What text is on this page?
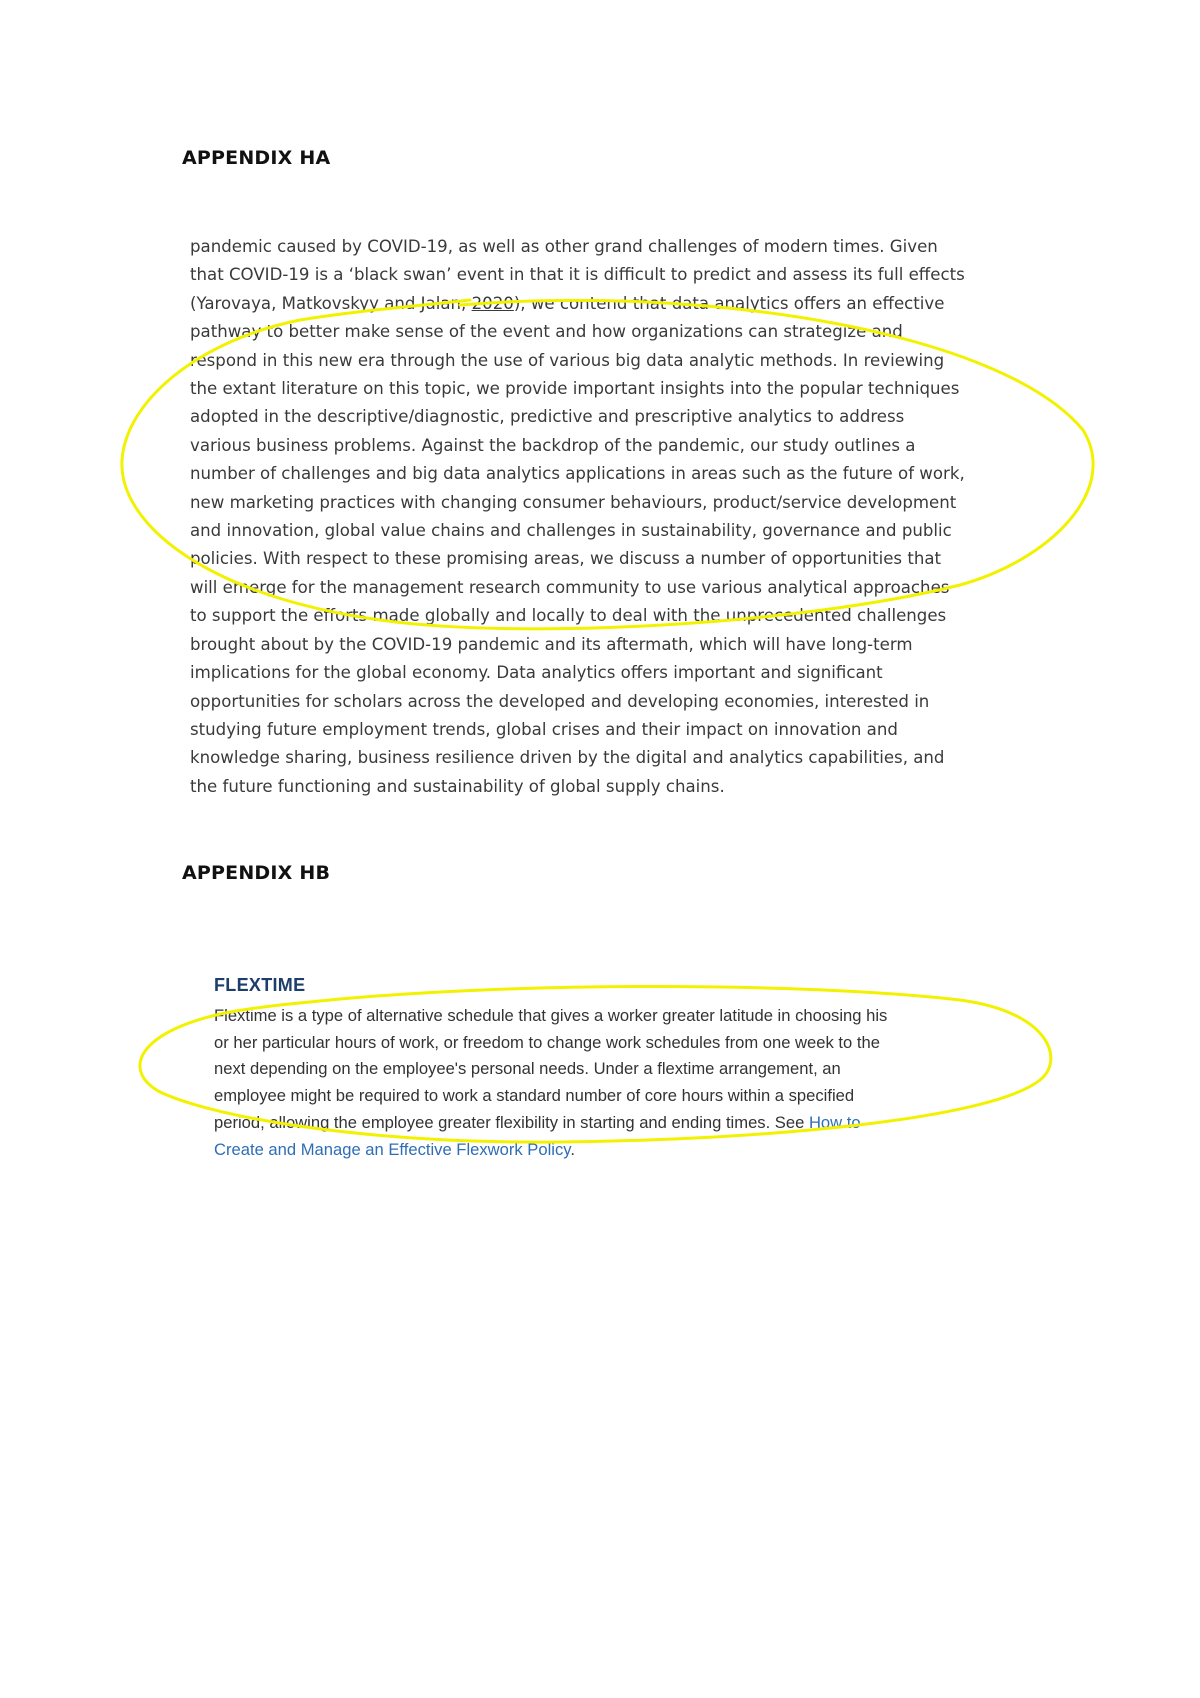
APPENDIX HA
pandemic caused by COVID-19, as well as other grand challenges of modern times. Given
that COVID-19 is a ‘black swan’ event in that it is difficult to predict and assess its full effects
(Yarovaya, Matkovskyy and Jalan, 2020), we contend that data analytics offers an effective
pathway to better make sense of the event and how organizations can strategize and
respond in this new era through the use of various big data analytic methods. In reviewing
the extant literature on this topic, we provide important insights into the popular techniques
adopted in the descriptive/diagnostic, predictive and prescriptive analytics to address
various business problems. Against the backdrop of the pandemic, our study outlines a
number of challenges and big data analytics applications in areas such as the future of work,
new marketing practices with changing consumer behaviours, product/service development
and innovation, global value chains and challenges in sustainability, governance and public
policies. With respect to these promising areas, we discuss a number of opportunities that
will emerge for the management research community to use various analytical approaches
to support the efforts made globally and locally to deal with the unprecedented challenges
brought about by the COVID-19 pandemic and its aftermath, which will have long-term
implications for the global economy. Data analytics offers important and significant
opportunities for scholars across the developed and developing economies, interested in
studying future employment trends, global crises and their impact on innovation and
knowledge sharing, business resilience driven by the digital and analytics capabilities, and
the future functioning and sustainability of global supply chains.
APPENDIX HB
FLEXTIME
Flextime is a type of alternative schedule that gives a worker greater latitude in choosing his
or her particular hours of work, or freedom to change work schedules from one week to the
next depending on the employee's personal needs. Under a flextime arrangement, an
employee might be required to work a standard number of core hours within a specified
period, allowing the employee greater flexibility in starting and ending times. See How to
Create and Manage an Effective Flexwork Policy.
